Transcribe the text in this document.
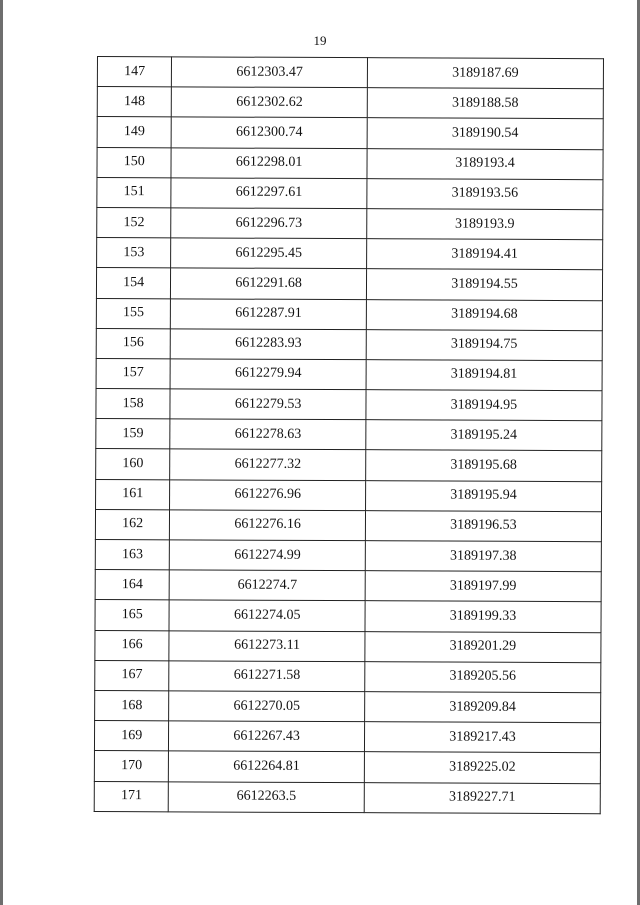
19
147	6612303.47	3189187.69
148	6612302.62	3189188.58
149	6612300.74	3189190.54
150	6612298.01	3189193.4
151	6612297.61	3189193.56
152	6612296.73	3189193.9
153	6612295.45	3189194.41
154	6612291.68	3189194.55
155	6612287.91	3189194.68
156	6612283.93	3189194.75
157	6612279.94	3189194.81
158	6612279.53	3189194.95
159	6612278.63	3189195.24
160	6612277.32	3189195.68
161	6612276.96	3189195.94
162	6612276.16	3189196.53
163	6612274.99	3189197.38
164	6612274.7	3189197.99
165	6612274.05	3189199.33
166	6612273.11	3189201.29
167	6612271.58	3189205.56
168	6612270.05	3189209.84
169	6612267.43	3189217.43
170	6612264.81	3189225.02
171	6612263.5	3189227.71
